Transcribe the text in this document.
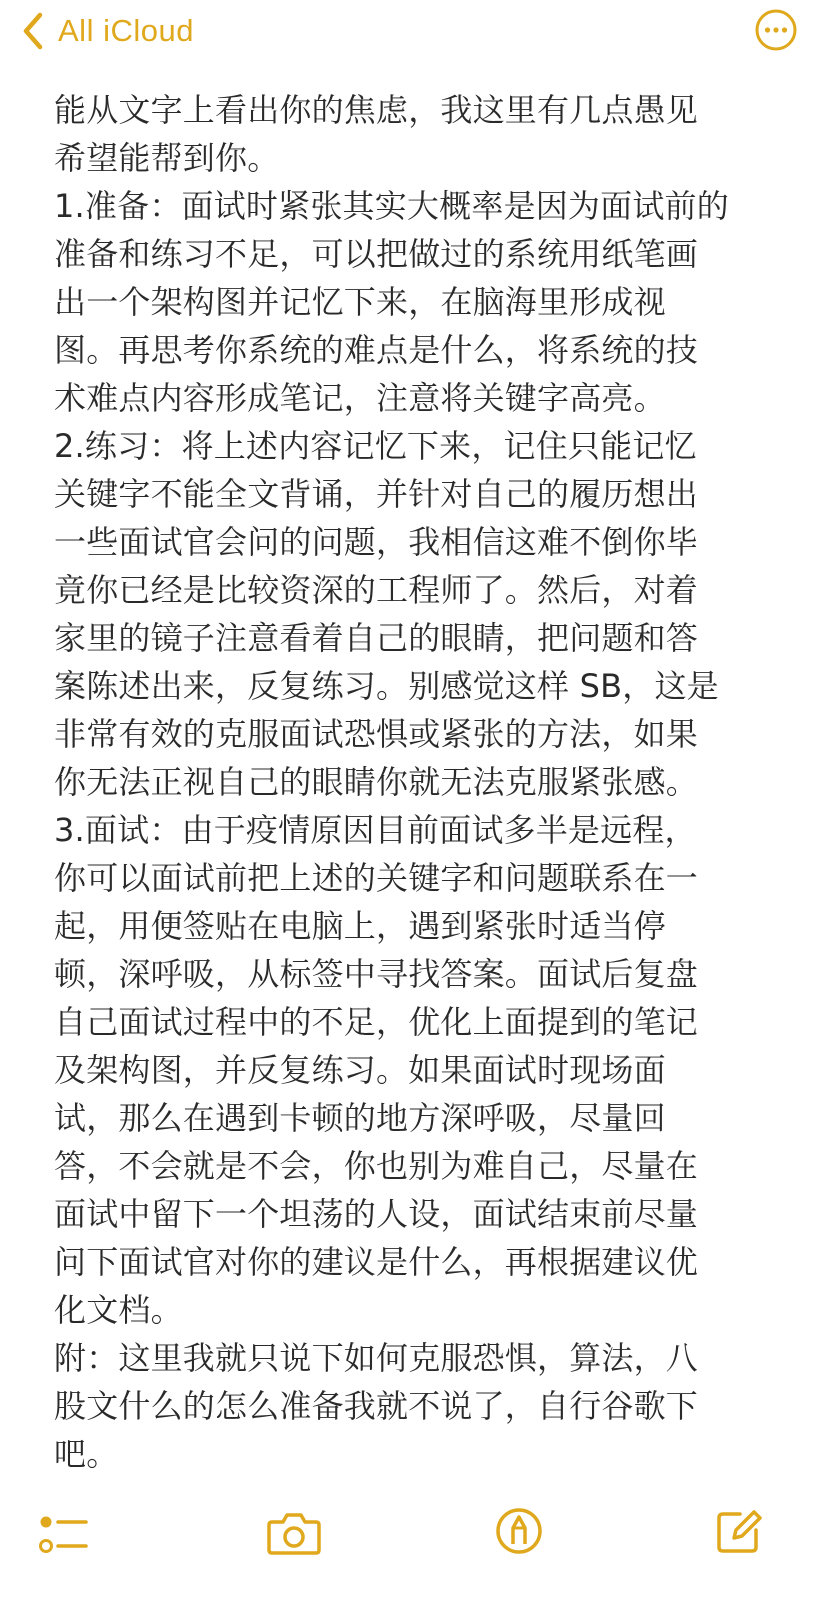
All iCloud
能从文字上看出你的焦虑，我这里有几点愚见
希望能帮到你。
1.准备：面试时紧张其实大概率是因为面试前的
准备和练习不足，可以把做过的系统用纸笔画
出一个架构图并记忆下来，在脑海里形成视
图。再思考你系统的难点是什么，将系统的技
术难点内容形成笔记，注意将关键字高亮。
2.练习：将上述内容记忆下来，记住只能记忆
关键字不能全文背诵，并针对自己的履历想出
一些面试官会问的问题，我相信这难不倒你毕
竟你已经是比较资深的工程师了。然后，对着
家里的镜子注意看着自己的眼睛，把问题和答
案陈述出来，反复练习。别感觉这样 SB，这是
非常有效的克服面试恐惧或紧张的方法，如果
你无法正视自己的眼睛你就无法克服紧张感。
3.面试：由于疫情原因目前面试多半是远程，
你可以面试前把上述的关键字和问题联系在一
起，用便签贴在电脑上，遇到紧张时适当停
顿，深呼吸，从标签中寻找答案。面试后复盘
自己面试过程中的不足，优化上面提到的笔记
及架构图，并反复练习。如果面试时现场面
试，那么在遇到卡顿的地方深呼吸，尽量回
答，不会就是不会，你也别为难自己，尽量在
面试中留下一个坦荡的人设，面试结束前尽量
问下面试官对你的建议是什么，再根据建议优
化文档。
附：这里我就只说下如何克服恐惧，算法，八
股文什么的怎么准备我就不说了，自行谷歌下
吧。
